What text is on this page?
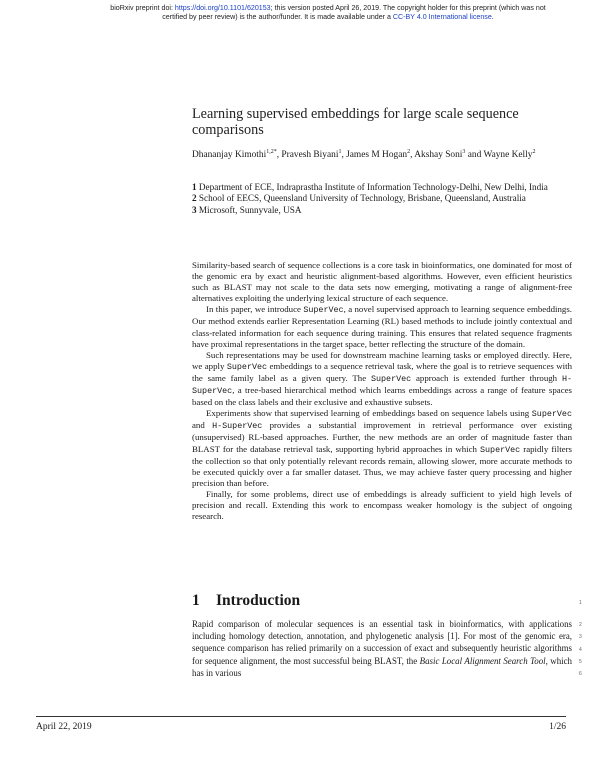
bioRxiv preprint doi: https://doi.org/10.1101/620153; this version posted April 26, 2019. The copyright holder for this preprint (which was not certified by peer review) is the author/funder. It is made available under a CC-BY 4.0 International license.
Learning supervised embeddings for large scale sequence comparisons
Dhananjay Kimothi$^{1,2*}$, Pravesh Biyani$^1$, James M Hogan$^2$, Akshay Soni$^3$ and Wayne Kelly$^2$

1 Department of ECE, Indraprastha Institute of Information Technology-Delhi, New Delhi, India

2 School of EECS, Queensland University of Technology, Brisbane, Queensland, Australia

3 Microsoft, Sunnyvale, USA

Similarity-based search of sequence collections is a core task in bioinformatics, one dominated for most of the genomic era by exact and heuristic alignment-based algorithms. However, even efficient heuristics such as BLAST may not scale to the data sets now emerging, motivating a range of alignment-free alternatives exploiting the underlying lexical structure of each sequence.

In this paper, we introduce SuperVec, a novel supervised approach to learning sequence embeddings. Our method extends earlier Representation Learning (RL) based methods to include jointly contextual and class-related information for each sequence during training. This ensures that related sequence fragments have proximal representations in the target space, better reflecting the structure of the domain.

Such representations may be used for downstream machine learning tasks or employed directly. Here, we apply SuperVec embeddings to a sequence retrieval task, where the goal is to retrieve sequences with the same family label as a given query. The SuperVec approach is extended further through H-SuperVec, a tree-based hierarchical method which learns embeddings across a range of feature spaces based on the class labels and their exclusive and exhaustive subsets.

Experiments show that supervised learning of embeddings based on sequence labels using SuperVec and H-SuperVec provides a substantial improvement in retrieval performance over existing (unsupervised) RL-based approaches. Further, the new methods are an order of magnitude faster than BLAST for the database retrieval task, supporting hybrid approaches in which SuperVec rapidly filters the collection so that only potentially relevant records remain, allowing slower, more accurate methods to be executed quickly over a far smaller dataset. Thus, we may achieve faster query processing and higher precision than before.

Finally, for some problems, direct use of embeddings is already sufficient to yield high levels of precision and recall. Extending this work to encompass weaker homology is the subject of ongoing research.

1 Introduction	1
Rapid comparison of molecular sequences is an essential task in bioinformatics, with applications including homology detection, annotation, and phylogenetic analysis [1]. For most of the genomic era, sequence comparison has relied primarily on a succession of exact and subsequently heuristic algorithms for sequence alignment, the most successful being BLAST, the Basic Local Alignment Search Tool, which has in various
2
3
4
5
6
April 22, 2019	1/26
